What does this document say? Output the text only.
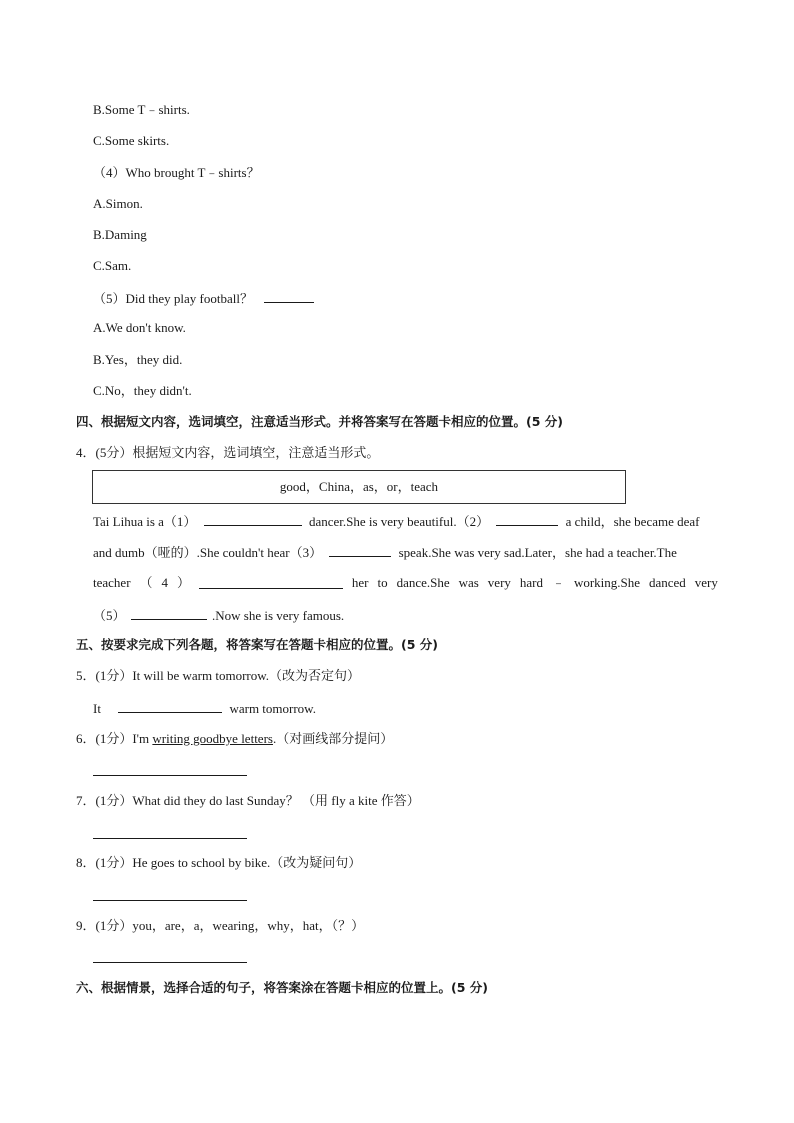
B.Some T﹣shirts.
C.Some skirts.
（4）Who brought T﹣shirts？
A.Simon.
B.Daming
C.Sam.
（5）Did they play football？
A.We don't know.
B.Yes，they did.
C.No，they didn't.
四、根据短文内容，选词填空，注意适当形式。并将答案写在答题卡相应的位置。(5 分)
4．(5分）根据短文内容，选词填空，注意适当形式。
good，China，as，or，teach
Tai Lihua is a（1）	dancer.She is very beautiful.（2）	a child，she became deaf
and dumb（哑的）.She couldn't hear（3）	speak.She was very sad.Later，she had a teacher.The
teacher （ 4 ）	her to dance.She was very hard ﹣ working.She danced very
（5）	.Now she is very famous.
五、按要求完成下列各题，将答案写在答题卡相应的位置。(5 分)
5．(1分）It will be warm tomorrow.（改为否定句）
It	warm tomorrow.
6．(1分）I'm writing goodbye letters.（对画线部分提问）
7．(1分）What did they do last Sunday？ （用 fly a kite 作答）
8．(1分）He goes to school by bike.（改为疑问句）
9．(1分）you，are，a，wearing，why，hat，（？）
六、根据情景，选择合适的句子，将答案涂在答题卡相应的位置上。(5 分)
